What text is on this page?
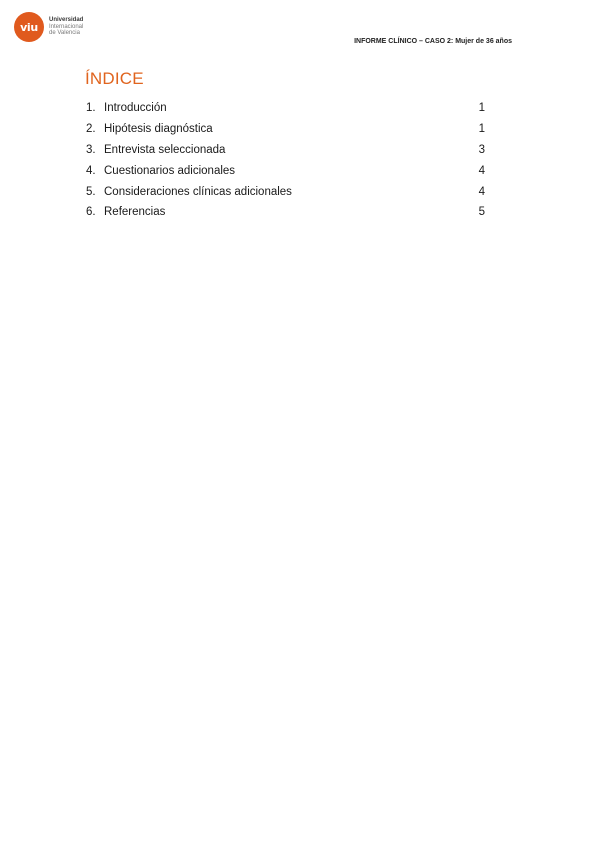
viu
Universidad
Internacional
de Valencia
INFORME CLÍNICO – CASO 2: Mujer de 36 años
ÍNDICE
1. Introducción	1
2. Hipótesis diagnóstica	1
3. Entrevista seleccionada	3
4. Cuestionarios adicionales	4
5. Consideraciones clínicas adicionales	4
6. Referencias	5
